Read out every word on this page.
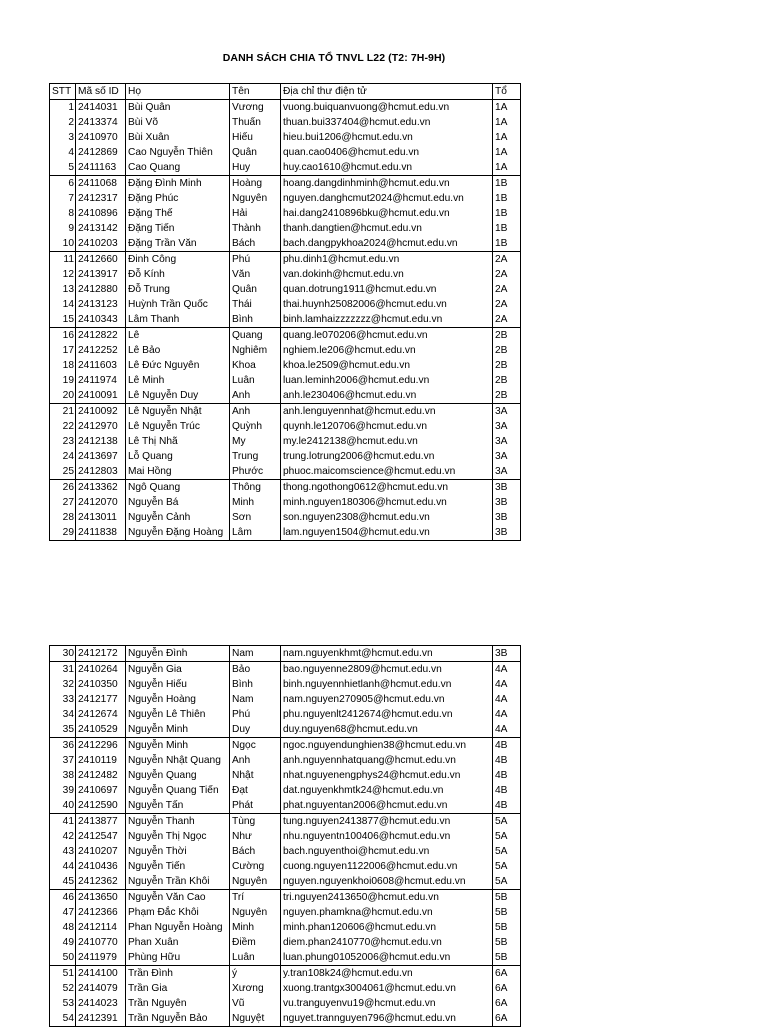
DANH SÁCH CHIA TỔ TNVL L22 (T2: 7H-9H)
STT	Mã số ID	Họ	Tên	Địa chỉ thư điện tử	Tổ
1	2414031	Bùi Quân	Vương	vuong.buiquanvuong@hcmut.edu.vn	1A
2	2413374	Bùi Võ	Thuấn	thuan.bui337404@hcmut.edu.vn	1A
3	2410970	Bùi Xuân	Hiếu	hieu.bui1206@hcmut.edu.vn	1A
4	2412869	Cao Nguyễn Thiên	Quân	quan.cao0406@hcmut.edu.vn	1A
5	2411163	Cao Quang	Huy	huy.cao1610@hcmut.edu.vn	1A
6	2411068	Đặng Đình Minh	Hoàng	hoang.dangdinhminh@hcmut.edu.vn	1B
7	2412317	Đặng Phúc	Nguyên	nguyen.danghcmut2024@hcmut.edu.vn	1B
8	2410896	Đặng Thế	Hải	hai.dang2410896bku@hcmut.edu.vn	1B
9	2413142	Đặng Tiến	Thành	thanh.dangtien@hcmut.edu.vn	1B
10	2410203	Đặng Trần Văn	Bách	bach.dangpykhoa2024@hcmut.edu.vn	1B
11	2412660	Đinh Công	Phú	phu.dinh1@hcmut.edu.vn	2A
12	2413917	Đỗ Kính	Văn	van.dokinh@hcmut.edu.vn	2A
13	2412880	Đỗ Trung	Quân	quan.dotrung1911@hcmut.edu.vn	2A
14	2413123	Huỳnh Trần Quốc	Thái	thai.huynh25082006@hcmut.edu.vn	2A
15	2410343	Lâm Thanh	Bình	binh.lamhaizzzzzzz@hcmut.edu.vn	2A
16	2412822	Lê	Quang	quang.le070206@hcmut.edu.vn	2B
17	2412252	Lê Bảo	Nghiêm	nghiem.le206@hcmut.edu.vn	2B
18	2411603	Lê Đức Nguyên	Khoa	khoa.le2509@hcmut.edu.vn	2B
19	2411974	Lê Minh	Luân	luan.leminh2006@hcmut.edu.vn	2B
20	2410091	Lê Nguyễn Duy	Anh	anh.le230406@hcmut.edu.vn	2B
21	2410092	Lê Nguyễn Nhật	Anh	anh.lenguyennhat@hcmut.edu.vn	3A
22	2412970	Lê Nguyễn Trúc	Quỳnh	quynh.le120706@hcmut.edu.vn	3A
23	2412138	Lê Thị Nhã	My	my.le2412138@hcmut.edu.vn	3A
24	2413697	Lỗ Quang	Trung	trung.lotrung2006@hcmut.edu.vn	3A
25	2412803	Mai Hồng	Phước	phuoc.maicomscience@hcmut.edu.vn	3A
26	2413362	Ngô Quang	Thông	thong.ngothong0612@hcmut.edu.vn	3B
27	2412070	Nguyễn Bá	Minh	minh.nguyen180306@hcmut.edu.vn	3B
28	2413011	Nguyễn Cảnh	Sơn	son.nguyen2308@hcmut.edu.vn	3B
29	2411838	Nguyễn Đặng Hoàng	Lâm	lam.nguyen1504@hcmut.edu.vn	3B
30	2412172	Nguyễn Đình	Nam	nam.nguyenkhmt@hcmut.edu.vn	3B
31	2410264	Nguyễn Gia	Bảo	bao.nguyenne2809@hcmut.edu.vn	4A
32	2410350	Nguyễn Hiếu	Bình	binh.nguyennhietlanh@hcmut.edu.vn	4A
33	2412177	Nguyễn Hoàng	Nam	nam.nguyen270905@hcmut.edu.vn	4A
34	2412674	Nguyễn Lê Thiên	Phú	phu.nguyenlt2412674@hcmut.edu.vn	4A
35	2410529	Nguyễn Minh	Duy	duy.nguyen68@hcmut.edu.vn	4A
36	2412296	Nguyễn Minh	Ngọc	ngoc.nguyendunghien38@hcmut.edu.vn	4B
37	2410119	Nguyễn Nhật Quang	Anh	anh.nguyennhatquang@hcmut.edu.vn	4B
38	2412482	Nguyễn Quang	Nhật	nhat.nguyenengphys24@hcmut.edu.vn	4B
39	2410697	Nguyễn Quang Tiến	Đạt	dat.nguyenkhmtk24@hcmut.edu.vn	4B
40	2412590	Nguyễn Tấn	Phát	phat.nguyentan2006@hcmut.edu.vn	4B
41	2413877	Nguyễn Thanh	Tùng	tung.nguyen2413877@hcmut.edu.vn	5A
42	2412547	Nguyễn Thị Ngọc	Như	nhu.nguyentn100406@hcmut.edu.vn	5A
43	2410207	Nguyễn Thời	Bách	bach.nguyenthoi@hcmut.edu.vn	5A
44	2410436	Nguyễn Tiến	Cường	cuong.nguyen1122006@hcmut.edu.vn	5A
45	2412362	Nguyễn Trần Khôi	Nguyên	nguyen.nguyenkhoi0608@hcmut.edu.vn	5A
46	2413650	Nguyễn Văn Cao	Trí	tri.nguyen2413650@hcmut.edu.vn	5B
47	2412366	Phạm Đắc Khôi	Nguyên	nguyen.phamkna@hcmut.edu.vn	5B
48	2412114	Phan Nguyễn Hoàng	Minh	minh.phan120606@hcmut.edu.vn	5B
49	2410770	Phan Xuân	Điềm	diem.phan2410770@hcmut.edu.vn	5B
50	2411979	Phùng Hữu	Luân	luan.phung01052006@hcmut.edu.vn	5B
51	2414100	Trần Đình	ý	y.tran108k24@hcmut.edu.vn	6A
52	2414079	Trần Gia	Xương	xuong.trantgx3004061@hcmut.edu.vn	6A
53	2414023	Trần Nguyên	Vũ	vu.tranguyenvu19@hcmut.edu.vn	6A
54	2412391	Trần Nguyễn Bảo	Nguyệt	nguyet.trannguyen796@hcmut.edu.vn	6A
